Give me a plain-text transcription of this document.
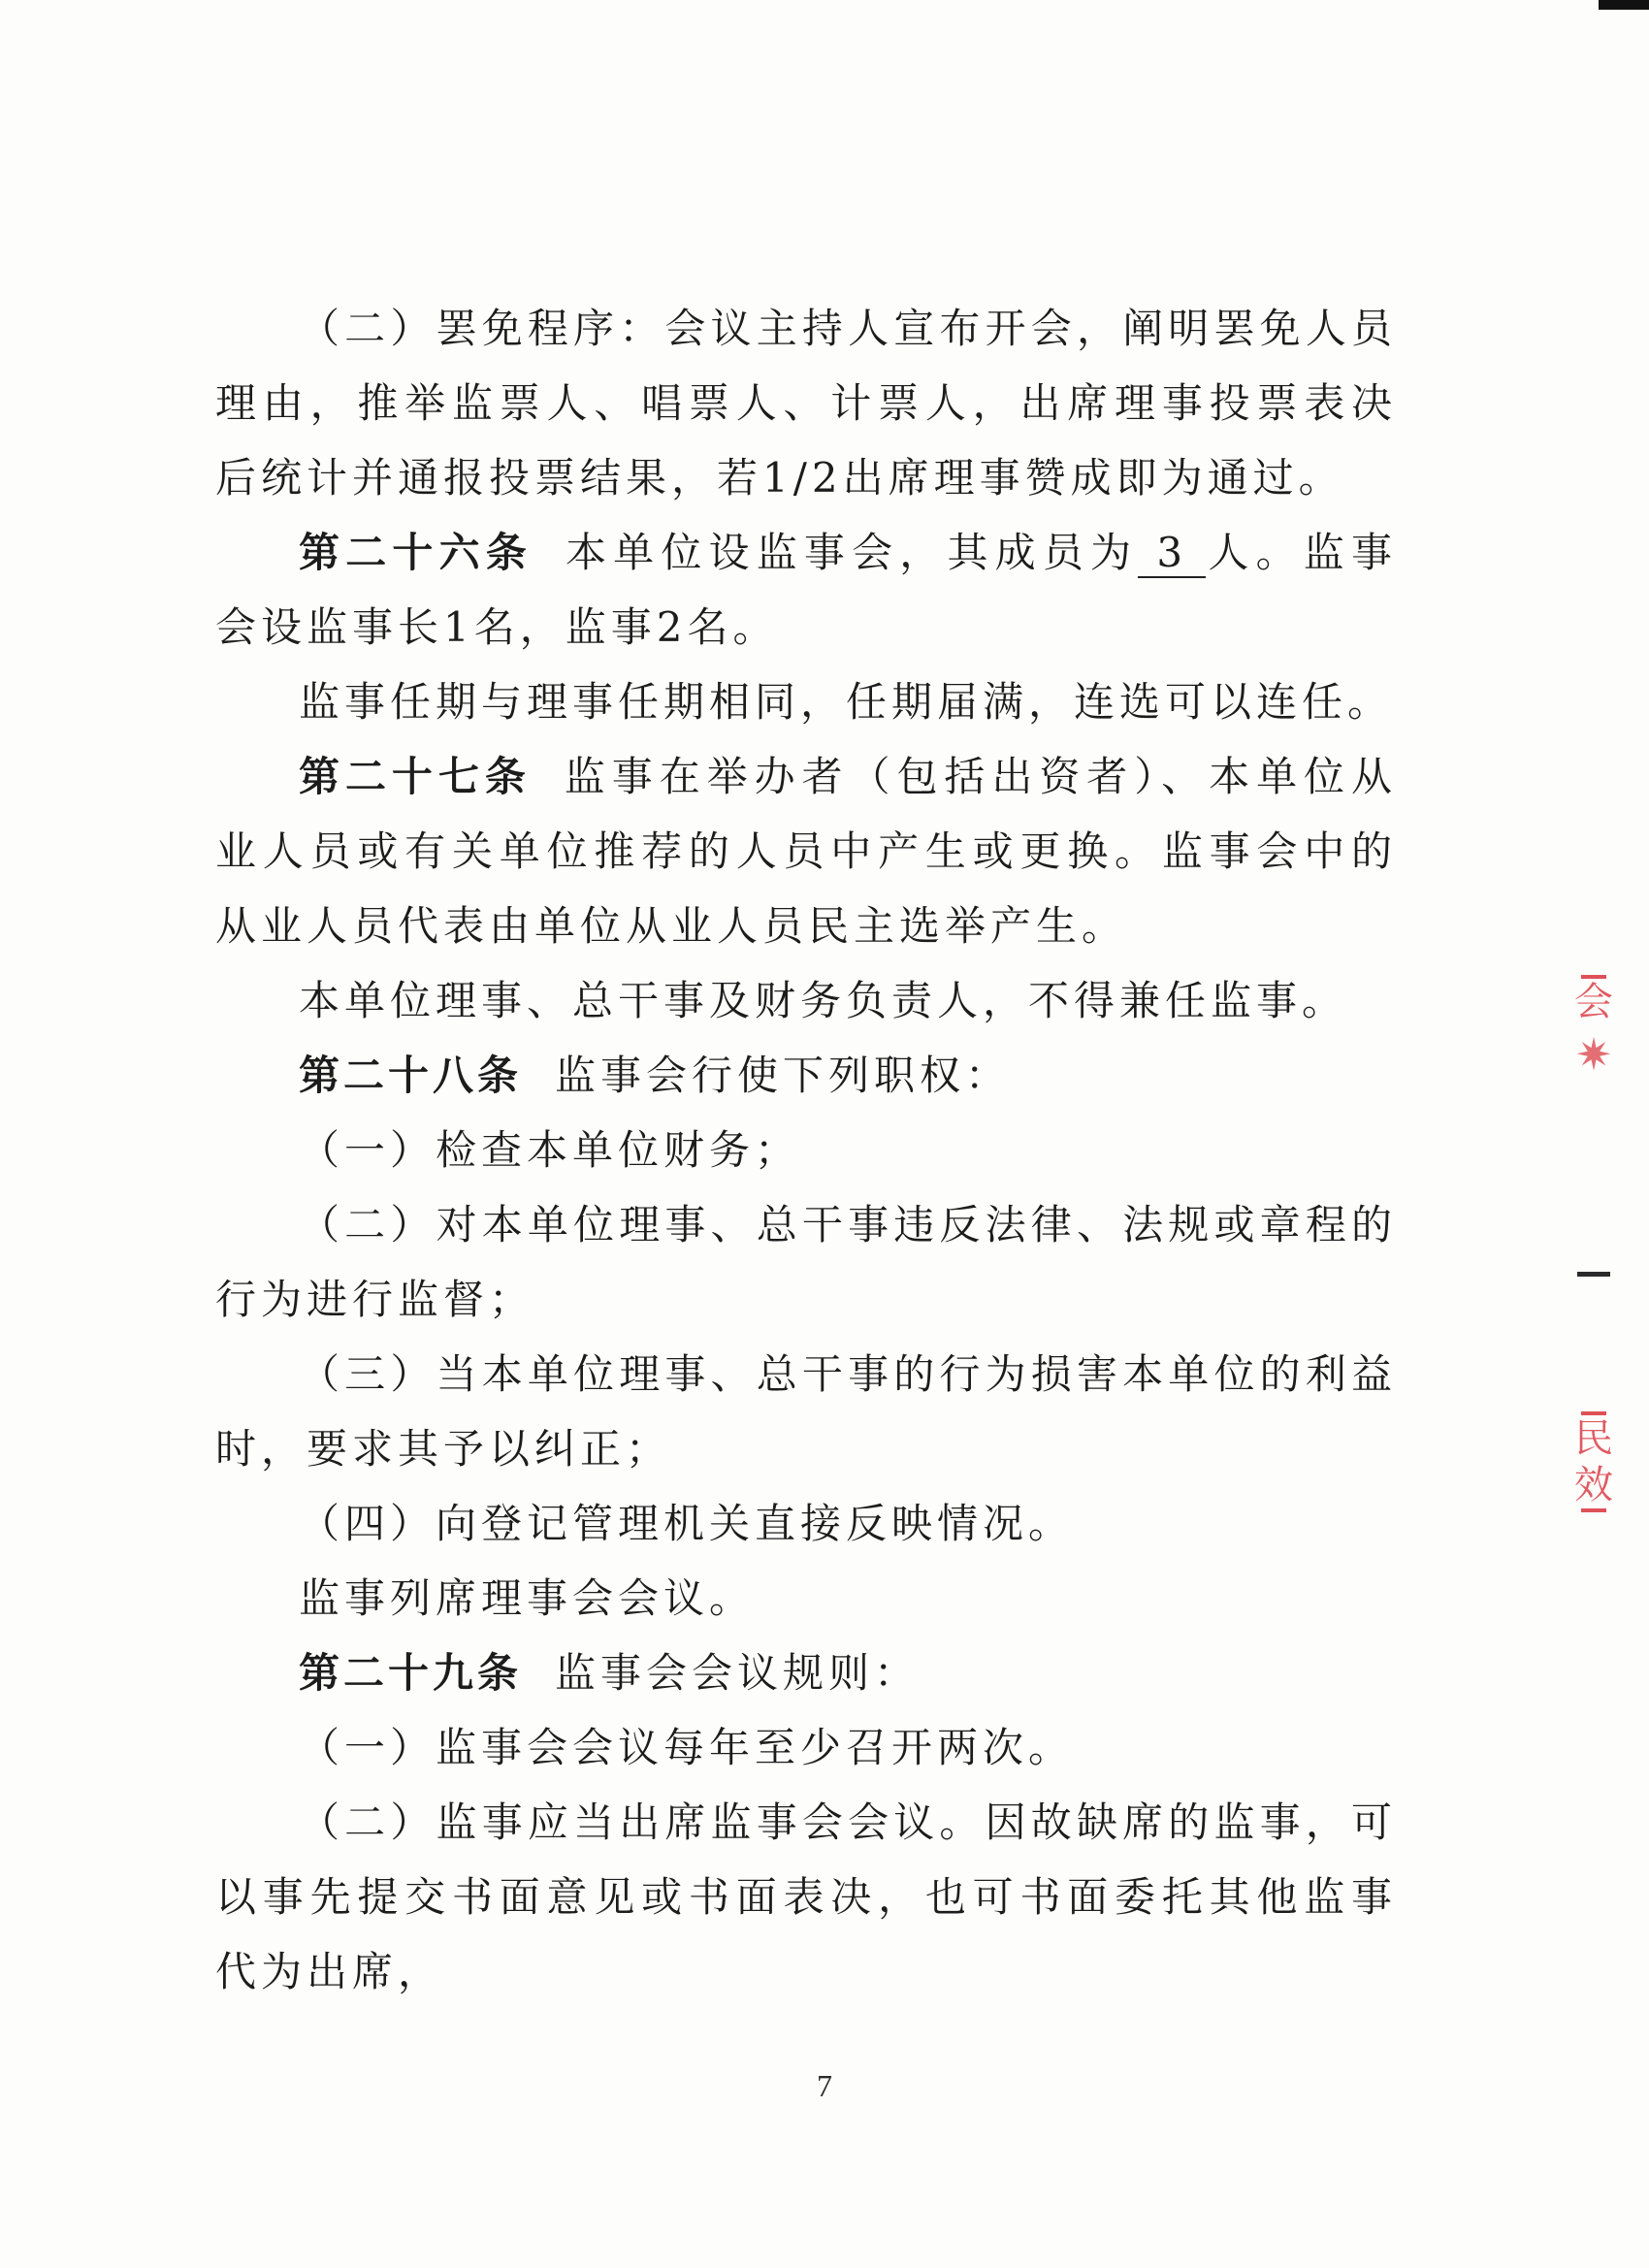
（二）罢免程序：会议主持人宣布开会，阐明罢免人员理由，推举监票人、唱票人、计票人，出席理事投票表决后统计并通报投票结果，若1/2出席理事赞成即为通过。

第二十六条 本单位设监事会，其成员为 3 人。监事会设监事长1名，监事2名。

监事任期与理事任期相同，任期届满，连选可以连任。

第二十七条 监事在举办者（包括出资者）、本单位从业人员或有关单位推荐的人员中产生或更换。监事会中的从业人员代表由单位从业人员民主选举产生。

本单位理事、总干事及财务负责人，不得兼任监事。

第二十八条 监事会行使下列职权：

（一）检查本单位财务；

（二）对本单位理事、总干事违反法律、法规或章程的行为进行监督；

（三）当本单位理事、总干事的行为损害本单位的利益时，要求其予以纠正；

（四）向登记管理机关直接反映情况。

监事列席理事会会议。

第二十九条 监事会会议规则：

（一）监事会会议每年至少召开两次。

（二）监事应当出席监事会会议。因故缺席的监事，可以事先提交书面意见或书面表决，也可书面委托其他监事代为出席，

会
✷
民
效
7
